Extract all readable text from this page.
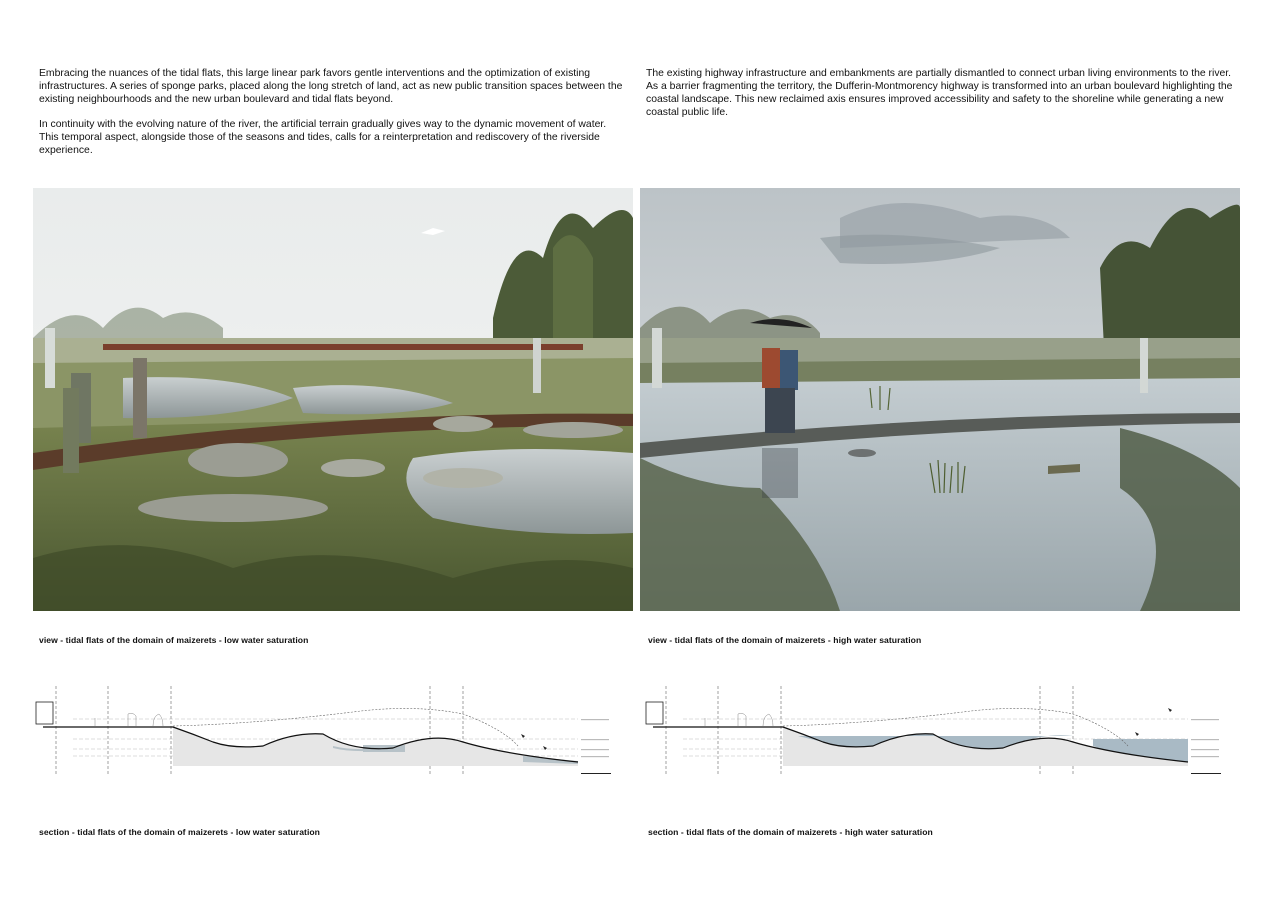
Embracing the nuances of the tidal flats, this large linear park favors gentle interventions and the optimization of existing infrastructures. A series of sponge parks, placed along the long stretch of land, act as new public transition spaces between the existing neighbourhoods and the new urban boulevard and tidal flats beyond.

In continuity with the evolving nature of the river, the artificial terrain gradually gives way to the dynamic movement of water. This temporal aspect, alongside those of the seasons and tides, calls for a reinterpretation and rediscovery of the riverside experience.

The existing highway infrastructure and embankments are partially dismantled to connect urban living environments to the river. As a barrier fragmenting the territory, the Dufferin-Montmorency highway is transformed into an urban boulevard highlighting the coastal landscape. This new reclaimed axis ensures improved accessibility and safety to the shoreline while generating a new coastal public life.

view - tidal flats of the domain of maizerets - low water saturation	view - tidal flats of the domain of maizerets - high water saturation
section - tidal flats of the domain of maizerets - low water saturation	section - tidal flats of the domain of maizerets - high water saturation
